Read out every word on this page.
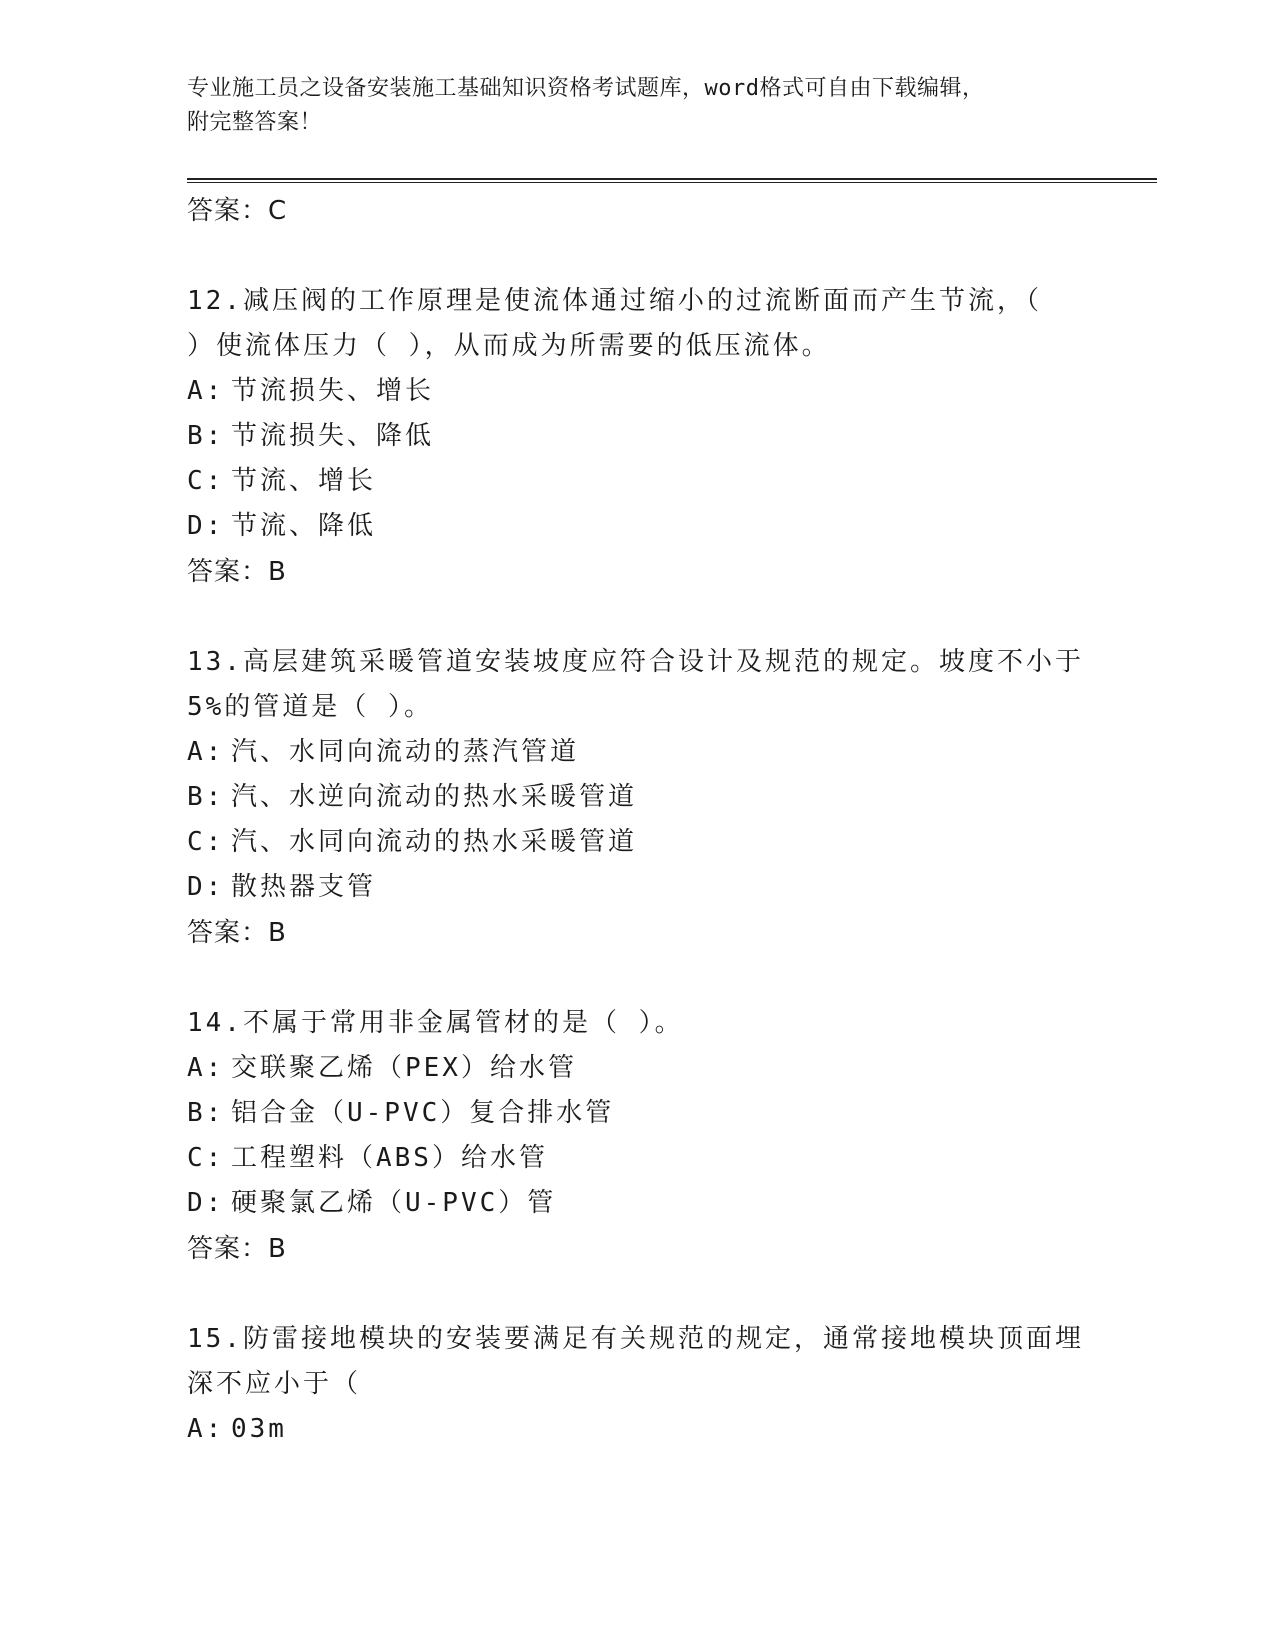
专业施工员之设备安装施工基础知识资格考试题库，word格式可自由下载编辑，
附完整答案！
答案：C
12.减压阀的工作原理是使流体通过缩小的过流断面而产生节流，（
）使流体压力（ ），从而成为所需要的低压流体。
A: 节流损失、增长
B: 节流损失、降低
C: 节流、增长
D: 节流、降低
答案：B
13.高层建筑采暖管道安装坡度应符合设计及规范的规定。坡度不小于
5%的管道是（ ）。
A: 汽、水同向流动的蒸汽管道
B: 汽、水逆向流动的热水采暖管道
C: 汽、水同向流动的热水采暖管道
D: 散热器支管
答案：B
14.不属于常用非金属管材的是（ ）。
A: 交联聚乙烯（PEX）给水管
B: 铝合金（U-PVC）复合排水管
C: 工程塑料（ABS）给水管
D: 硬聚氯乙烯（U-PVC）管
答案：B
15.防雷接地模块的安装要满足有关规范的规定，通常接地模块顶面埋
深不应小于（
A: 03m
